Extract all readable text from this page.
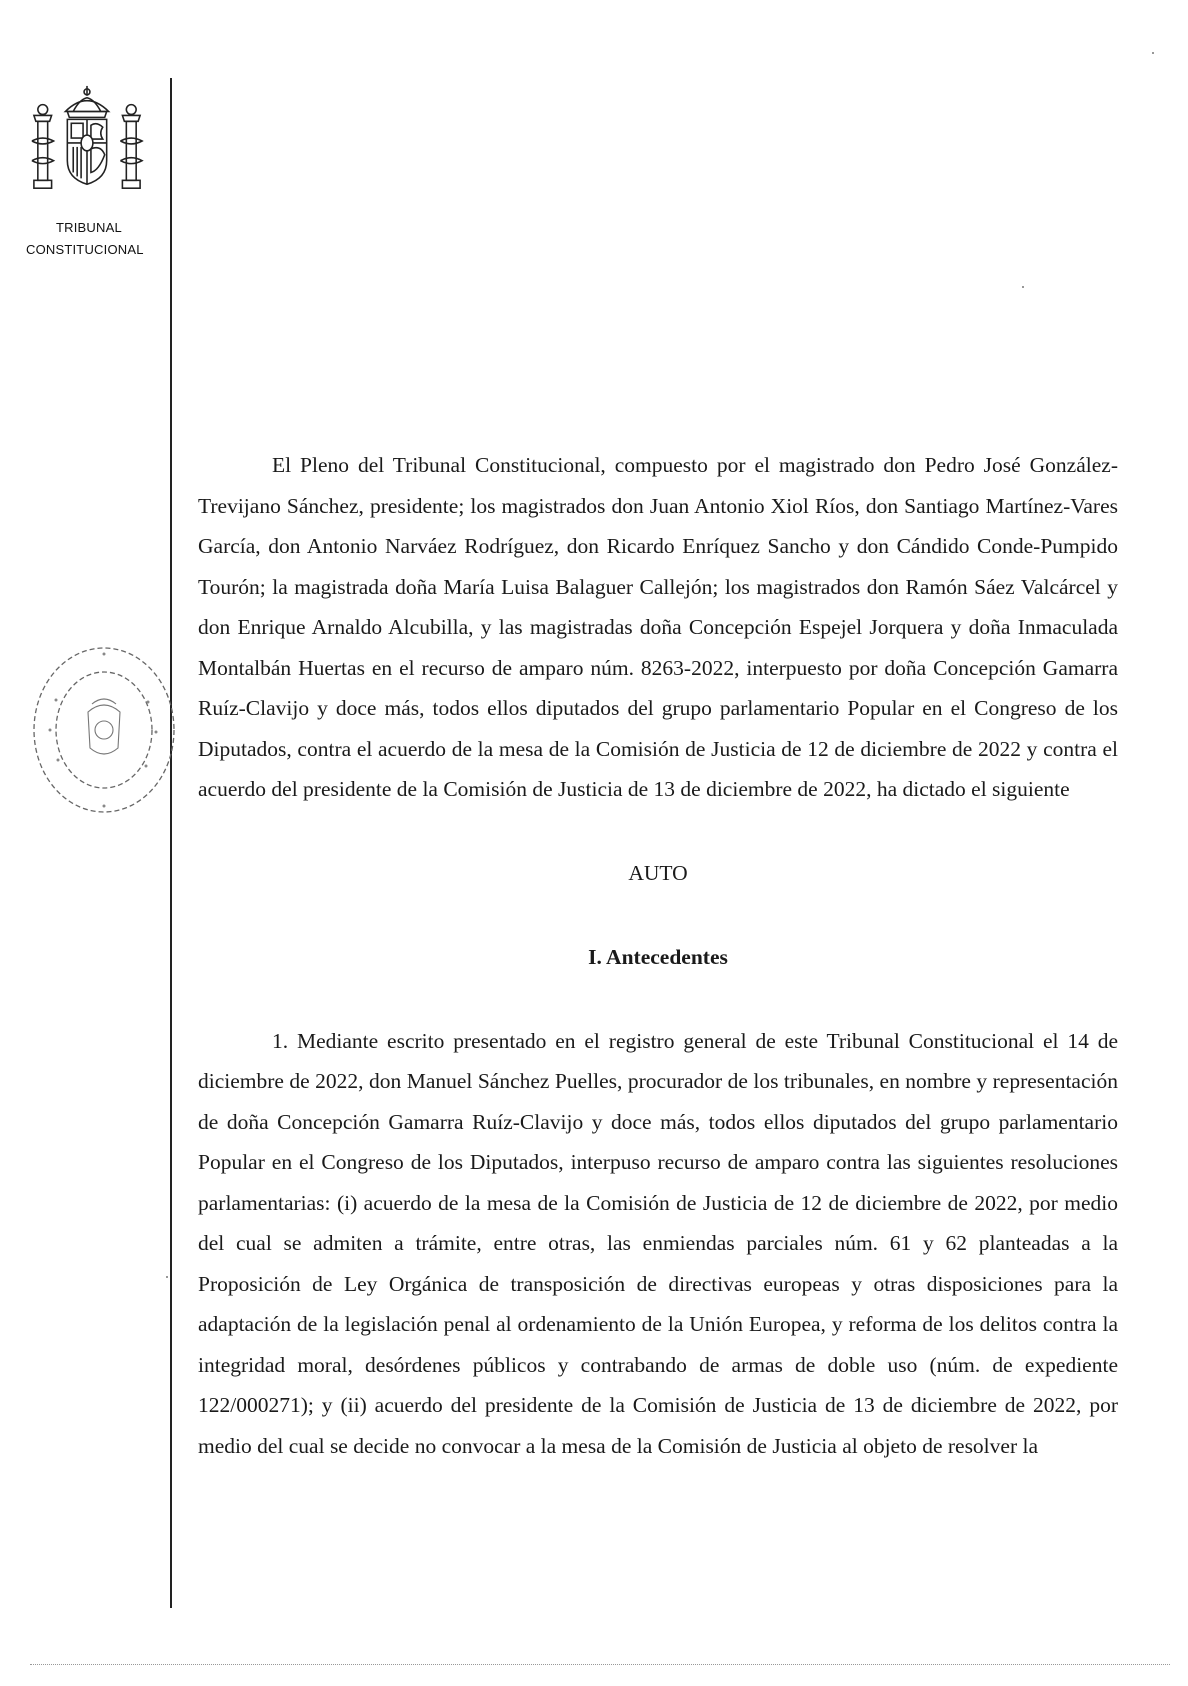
TRIBUNAL
CONSTITUCIONAL

El Pleno del Tribunal Constitucional, compuesto por el magistrado don Pedro José González-Trevijano Sánchez, presidente; los magistrados don Juan Antonio Xiol Ríos, don Santiago Martínez-Vares García, don Antonio Narváez Rodríguez, don Ricardo Enríquez Sancho y don Cándido Conde-Pumpido Tourón; la magistrada doña María Luisa Balaguer Callejón; los magistrados don Ramón Sáez Valcárcel y don Enrique Arnaldo Alcubilla, y las magistradas doña Concepción Espejel Jorquera y doña Inmaculada Montalbán Huertas en el recurso de amparo núm. 8263-2022, interpuesto por doña Concepción Gamarra Ruíz-Clavijo y doce más, todos ellos diputados del grupo parlamentario Popular en el Congreso de los Diputados, contra el acuerdo de la mesa de la Comisión de Justicia de 12 de diciembre de 2022 y contra el acuerdo del presidente de la Comisión de Justicia de 13 de diciembre de 2022, ha dictado el siguiente

AUTO
I. Antecedentes

1. Mediante escrito presentado en el registro general de este Tribunal Constitucional el 14 de diciembre de 2022, don Manuel Sánchez Puelles, procurador de los tribunales, en nombre y representación de doña Concepción Gamarra Ruíz-Clavijo y doce más, todos ellos diputados del grupo parlamentario Popular en el Congreso de los Diputados, interpuso recurso de amparo contra las siguientes resoluciones parlamentarias: (i) acuerdo de la mesa de la Comisión de Justicia de 12 de diciembre de 2022, por medio del cual se admiten a trámite, entre otras, las enmiendas parciales núm. 61 y 62 planteadas a la Proposición de Ley Orgánica de transposición de directivas europeas y otras disposiciones para la adaptación de la legislación penal al ordenamiento de la Unión Europea, y reforma de los delitos contra la integridad moral, desórdenes públicos y contrabando de armas de doble uso (núm. de expediente 122/000271); y (ii) acuerdo del presidente de la Comisión de Justicia de 13 de diciembre de 2022, por medio del cual se decide no convocar a la mesa de la Comisión de Justicia al objeto de resolver la
